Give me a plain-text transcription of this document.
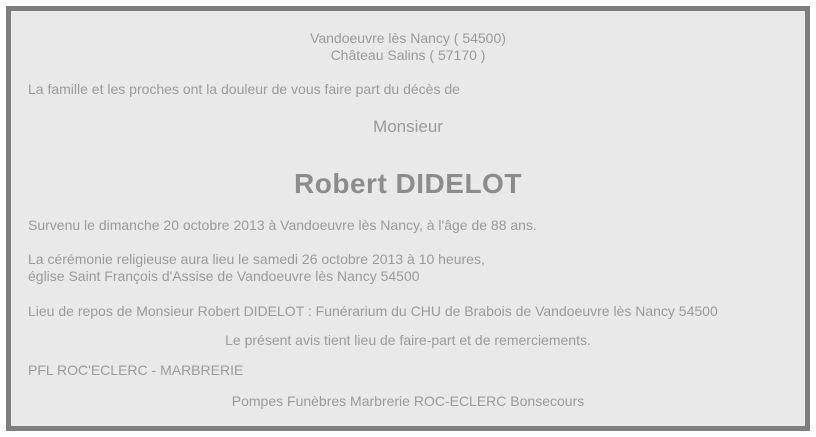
Vandoeuvre lès Nancy ( 54500)

Château Salins ( 57170 )

La famille et les proches ont la douleur de vous faire part du décès de

Monsieur

Robert DIDELOT

Survenu le dimanche 20 octobre 2013 à Vandoeuvre lès Nancy, à l'âge de 88 ans.

La cérémonie religieuse aura lieu le samedi 26 octobre 2013 à 10 heures,

église Saint François d'Assise de Vandoeuvre lès Nancy 54500

Lieu de repos de Monsieur Robert DIDELOT : Funérarium du CHU de Brabois de Vandoeuvre lès Nancy 54500

Le présent avis tient lieu de faire-part et de remerciements.

PFL ROC'ECLERC - MARBRERIE

Pompes Funèbres Marbrerie ROC-ECLERC Bonsecours
